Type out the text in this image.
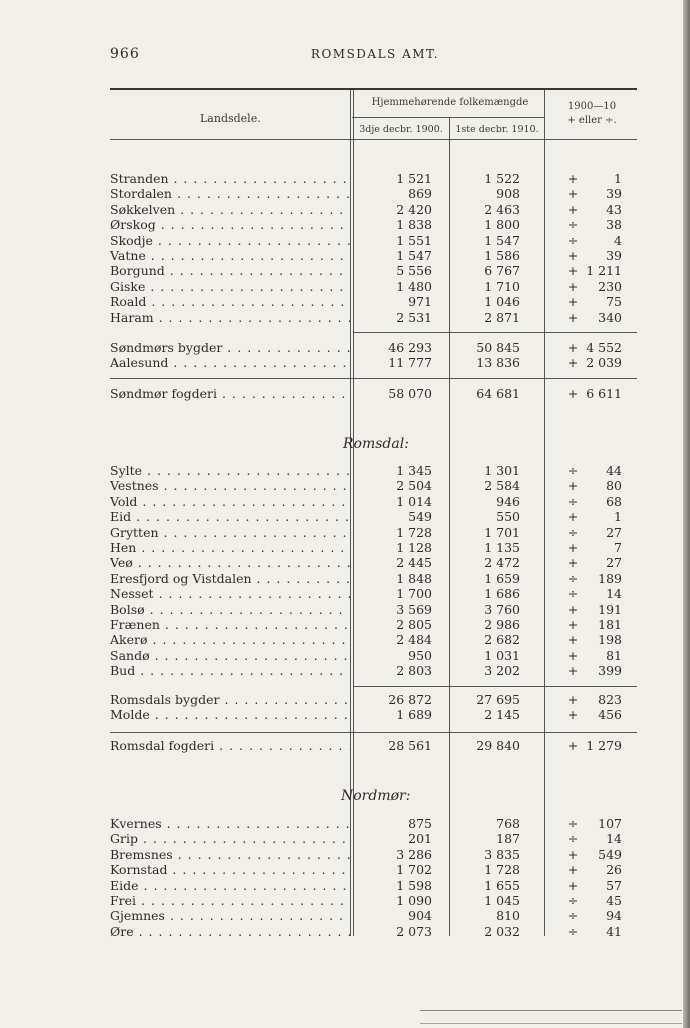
966	ROMSDALS AMT.
Landsdele.
Hjemmehørende folkemængde
3dje decbr. 1900.	1ste decbr. 1910.
1900—10
+ eller ÷.
Stranden . . .	1 521	1 522	+	1
Stordalen . . .	869	908	+ 39
Søkkelven . . .	2 420	2 463	+ 43
Ørskog . . .	1 838	1 800	÷ 38
Skodje . . .	1 551	1 547	÷	4
Vatne . . .	1 547	1 586	+ 39
Borgund . . .	5 556	6 767	+ 1 211
Giske . . .	1 480	1 710	+ 230
Roald . . .	971	1 046	+ 75
Haram . . .	2 531	2 871	+ 340
Søndmørs bygder . . .	46 293	50 845	+ 4 552
Aalesund . . .	11 777	13 836	+ 2 039
Søndmør fogderi . . .	58 070	64 681	+ 6 611
Romsdal:
Sylte . . .	1 345	1 301	÷ 44
Vestnes . . .	2 504	2 584	+ 80
Vold . . .	1 014	946	÷ 68
Eid . . .	549	550	+	1
Grytten . . .	1 728	1 701	÷ 27
Hen . . .	1 128	1 135	+	7
Veø . . .	2 445	2 472	+ 27
Eresfjord og Vistdalen . . .	1 848	1 659	÷ 189
Nesset . . .	1 700	1 686	÷ 14
Bolsø . . .	3 569	3 760	+ 191
Frænen . . .	2 805	2 986	+ 181
Akerø . . .	2 484	2 682	+ 198
Sandø . . .	950	1 031	+ 81
Bud . . .	2 803	3 202	+ 399
Romsdals bygder . . .	26 872	27 695	+ 823
Molde . . .	1 689	2 145	+ 456
Romsdal fogderi . . .	28 561	29 840	+ 1 279
Nordmør:
Kvernes . . .	875	768	÷ 107
Grip . . .	201	187	÷ 14
Bremsnes . . .	3 286	3 835	+ 549
Kornstad . . .	1 702	1 728	+ 26
Eide . . .	1 598	1 655	+ 57
Frei . . .	1 090	1 045	÷ 45
Gjemnes . . .	904	810	÷ 94
Øre . . .	2 073	2 032	÷ 41
